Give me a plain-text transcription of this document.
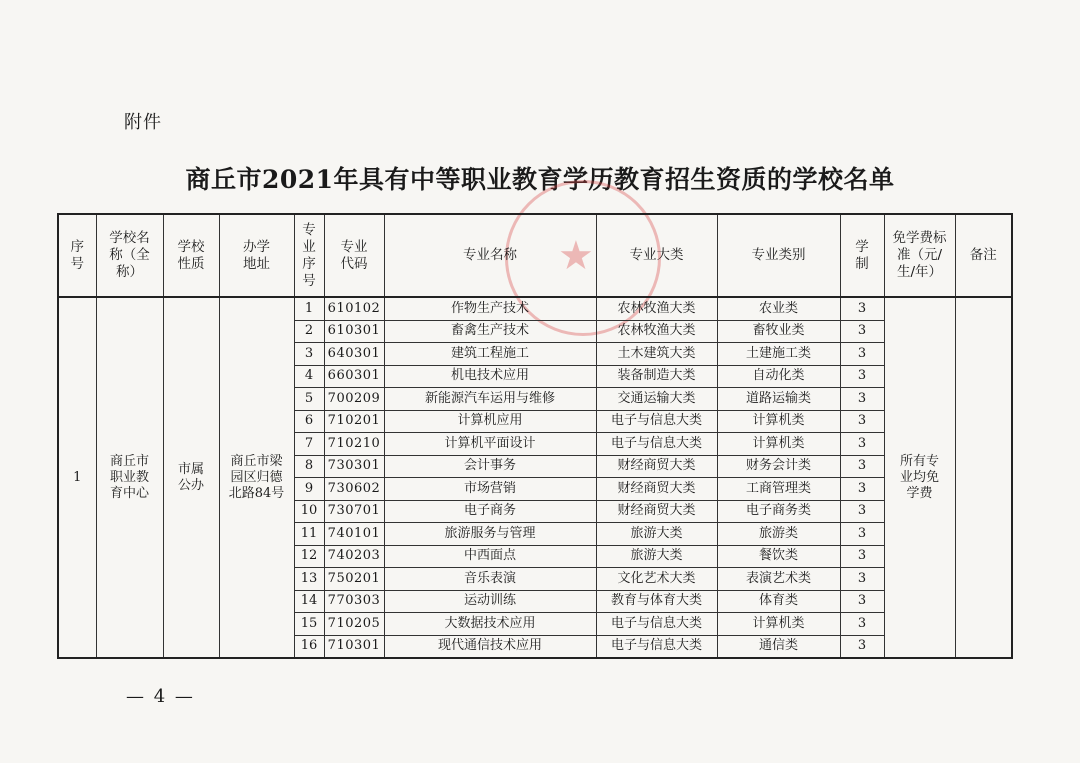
附件
商丘市2021年具有中等职业教育学历教育招生资质的学校名单
★
序号	学校名称（全称）	学校性质	办学地址	专业序号	专业代码	专业名称	专业大类	专业类别	学制	免学费标准（元/生/年）	备注
1	商丘市职业教育中心	市属公办	商丘市梁园区归德北路84号	1	610102	作物生产技术	农林牧渔大类	农业类	3	所有专业均免学费	
				2	610301	畜禽生产技术	农林牧渔大类	畜牧业类	3		
				3	640301	建筑工程施工	土木建筑大类	土建施工类	3		
				4	660301	机电技术应用	装备制造大类	自动化类	3		
				5	700209	新能源汽车运用与维修	交通运输大类	道路运输类	3		
				6	710201	计算机应用	电子与信息大类	计算机类	3		
				7	710210	计算机平面设计	电子与信息大类	计算机类	3		
				8	730301	会计事务	财经商贸大类	财务会计类	3		
				9	730602	市场营销	财经商贸大类	工商管理类	3		
				10	730701	电子商务	财经商贸大类	电子商务类	3		
				11	740101	旅游服务与管理	旅游大类	旅游类	3		
				12	740203	中西面点	旅游大类	餐饮类	3		
				13	750201	音乐表演	文化艺术大类	表演艺术类	3		
				14	770303	运动训练	教育与体育大类	体育类	3		
				15	710205	大数据技术应用	电子与信息大类	计算机类	3		
				16	710301	现代通信技术应用	电子与信息大类	通信类	3		
— 4 —
